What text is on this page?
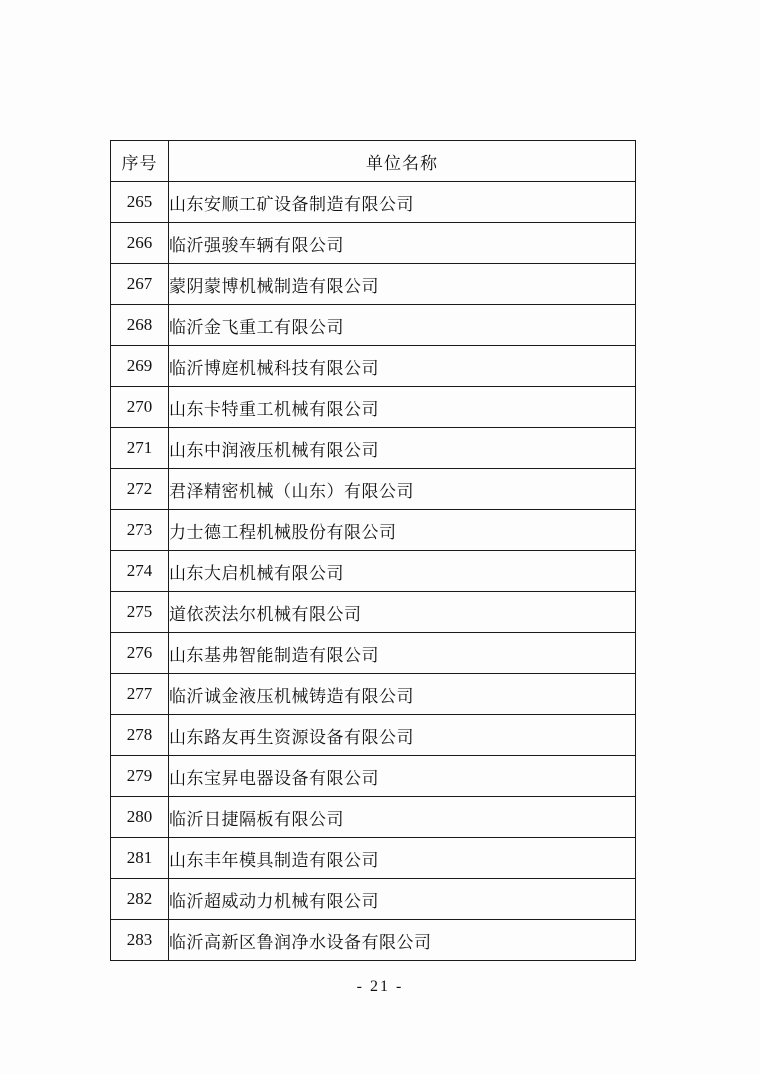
序号	单位名称
265	山东安顺工矿设备制造有限公司
266	临沂强骏车辆有限公司
267	蒙阴蒙博机械制造有限公司
268	临沂金飞重工有限公司
269	临沂博庭机械科技有限公司
270	山东卡特重工机械有限公司
271	山东中润液压机械有限公司
272	君泽精密机械（山东）有限公司
273	力士德工程机械股份有限公司
274	山东大启机械有限公司
275	道依茨法尔机械有限公司
276	山东基弗智能制造有限公司
277	临沂诚金液压机械铸造有限公司
278	山东路友再生资源设备有限公司
279	山东宝昇电器设备有限公司
280	临沂日捷隔板有限公司
281	山东丰年模具制造有限公司
282	临沂超威动力机械有限公司
283	临沂高新区鲁润净水设备有限公司
- 21 -
